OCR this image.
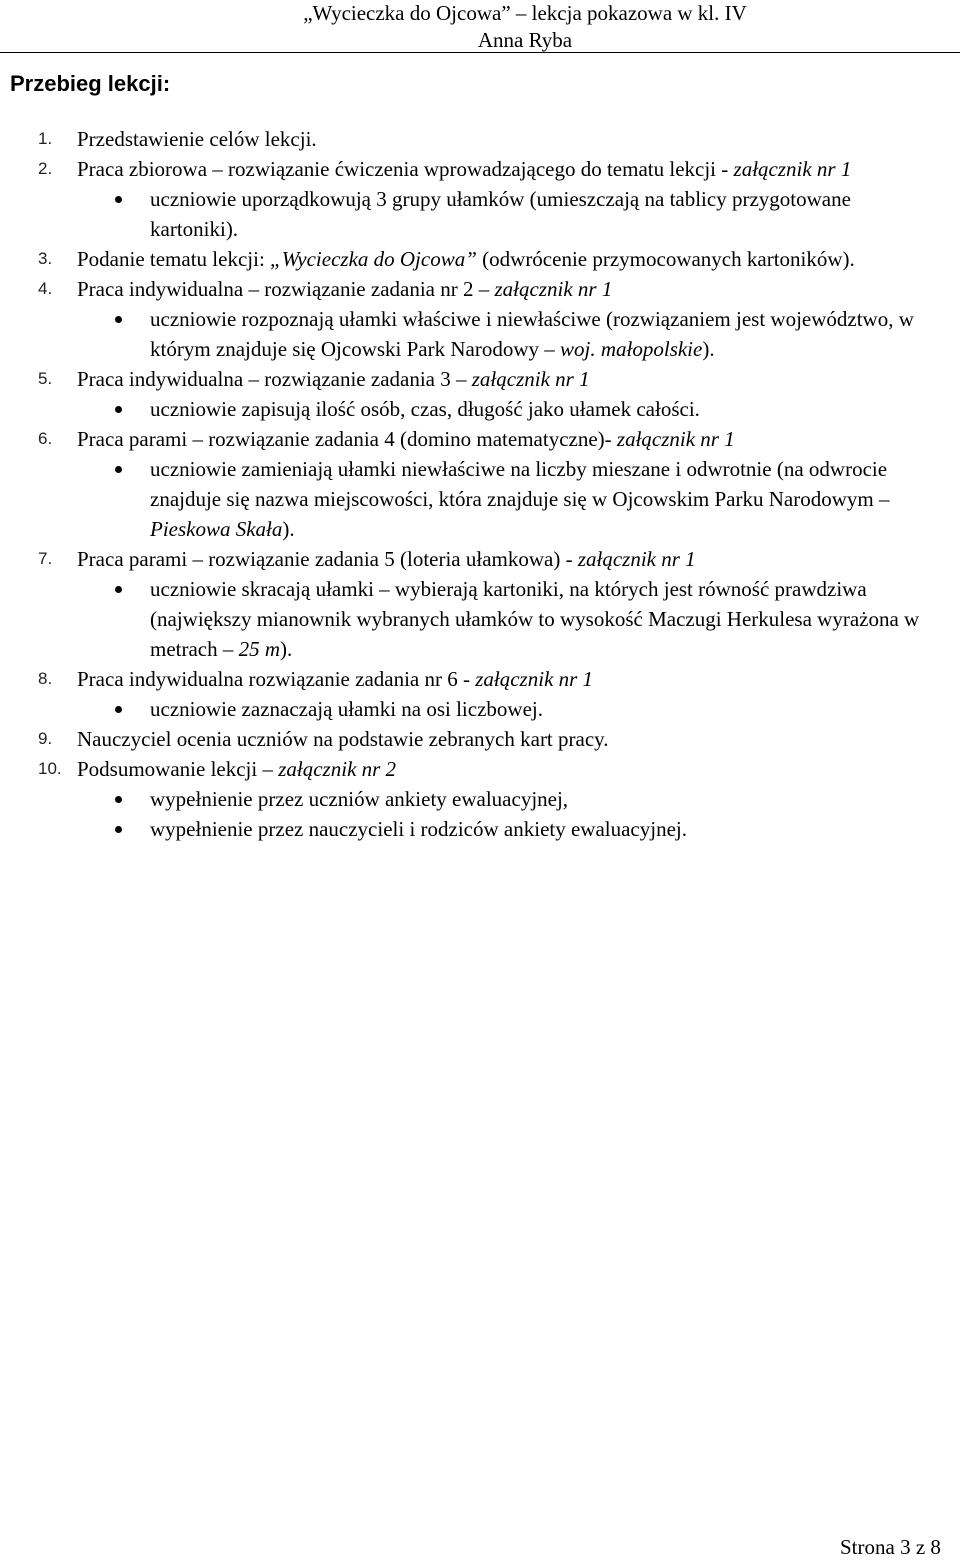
„Wycieczka do Ojcowa” – lekcja pokazowa w kl. IV
Anna Ryba
Przebieg lekcji:
1. Przedstawienie celów lekcji.
2. Praca zbiorowa – rozwiązanie ćwiczenia wprowadzającego do tematu lekcji - załącznik nr 1
uczniowie uporządkowują 3 grupy ułamków (umieszczają na tablicy przygotowane kartoniki).
3. Podanie tematu lekcji: „Wycieczka do Ojcowa” (odwrócenie przymocowanych kartoników).
4. Praca indywidualna – rozwiązanie zadania nr 2 – załącznik nr 1
uczniowie rozpoznają ułamki właściwe i niewłaściwe (rozwiązaniem jest województwo, w którym znajduje się Ojcowski Park Narodowy – woj. małopolskie).
5. Praca indywidualna – rozwiązanie zadania 3 – załącznik nr 1
uczniowie zapisują ilość osób, czas, długość jako ułamek całości.
6. Praca parami – rozwiązanie zadania 4 (domino matematyczne)- załącznik nr 1
uczniowie zamieniają ułamki niewłaściwe na liczby mieszane i odwrotnie (na odwrocie znajduje się nazwa miejscowości, która znajduje się w Ojcowskim Parku Narodowym – Pieskowa Skała).
7. Praca parami – rozwiązanie zadania 5 (loteria ułamkowa) - załącznik nr 1
uczniowie skracają ułamki – wybierają kartoniki, na których jest równość prawdziwa (największy mianownik wybranych ułamków to wysokość Maczugi Herkulesa wyrażona w metrach – 25 m).
8. Praca indywidualna rozwiązanie zadania nr 6 - załącznik nr 1
uczniowie zaznaczają ułamki na osi liczbowej.
9. Nauczyciel ocenia uczniów na podstawie zebranych kart pracy.
10. Podsumowanie lekcji – załącznik nr 2
wypełnienie przez uczniów ankiety ewaluacyjnej,
wypełnienie przez nauczycieli i rodziców ankiety ewaluacyjnej.
Strona 3 z 8
